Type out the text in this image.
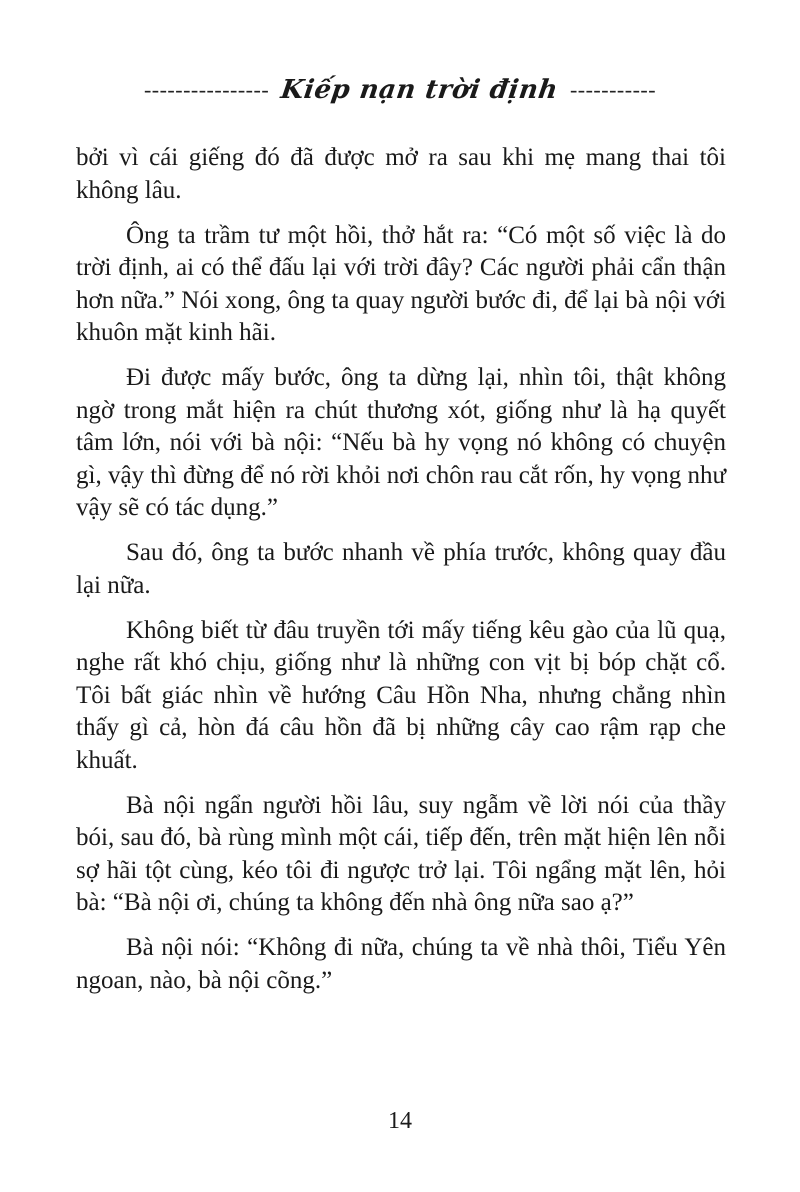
---------------- Kiếp nạn trời định -----------

bởi vì cái giếng đó đã được mở ra sau khi mẹ mang thai tôi không lâu.

Ông ta trầm tư một hồi, thở hắt ra: “Có một số việc là do trời định, ai có thể đấu lại với trời đây? Các người phải cẩn thận hơn nữa.” Nói xong, ông ta quay người bước đi, để lại bà nội với khuôn mặt kinh hãi.

Đi được mấy bước, ông ta dừng lại, nhìn tôi, thật không ngờ trong mắt hiện ra chút thương xót, giống như là hạ quyết tâm lớn, nói với bà nội: “Nếu bà hy vọng nó không có chuyện gì, vậy thì đừng để nó rời khỏi nơi chôn rau cắt rốn, hy vọng như vậy sẽ có tác dụng.”

Sau đó, ông ta bước nhanh về phía trước, không quay đầu lại nữa.

Không biết từ đâu truyền tới mấy tiếng kêu gào của lũ quạ, nghe rất khó chịu, giống như là những con vịt bị bóp chặt cổ. Tôi bất giác nhìn về hướng Câu Hồn Nha, nhưng chẳng nhìn thấy gì cả, hòn đá câu hồn đã bị những cây cao rậm rạp che khuất.

Bà nội ngẩn người hồi lâu, suy ngẫm về lời nói của thầy bói, sau đó, bà rùng mình một cái, tiếp đến, trên mặt hiện lên nỗi sợ hãi tột cùng, kéo tôi đi ngược trở lại. Tôi ngẩng mặt lên, hỏi bà: “Bà nội ơi, chúng ta không đến nhà ông nữa sao ạ?”

Bà nội nói: “Không đi nữa, chúng ta về nhà thôi, Tiểu Yên ngoan, nào, bà nội cõng.”

14
